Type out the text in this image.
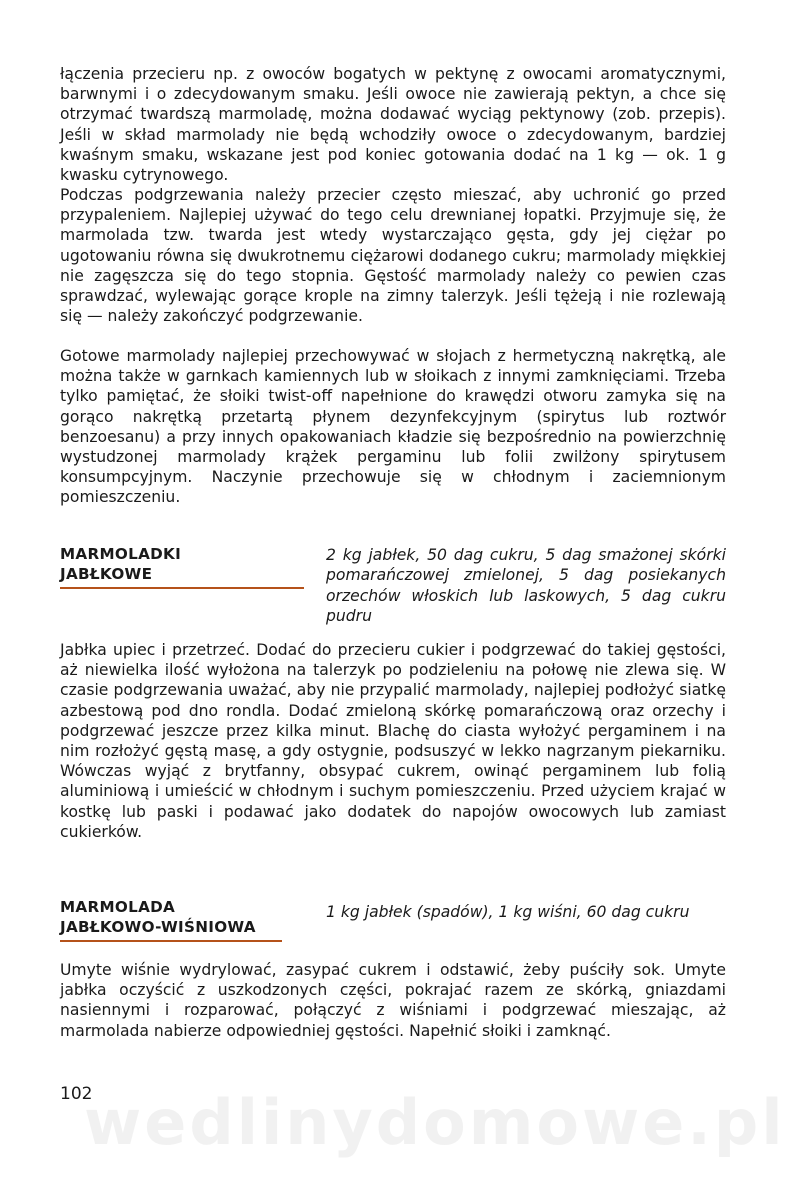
łączenia przecieru np. z owoców bogatych w pektynę z owocami aromatycznymi, barwnymi i o zdecydowanym smaku. Jeśli owoce nie zawierają pektyn, a chce się otrzymać twardszą marmoladę, można dodawać wyciąg pektynowy (zob. przepis). Jeśli w skład marmolady nie będą wchodziły owoce o zdecydowanym, bardziej kwaśnym smaku, wskazane jest pod koniec gotowania dodać na 1 kg — ok. 1 g kwasku cytrynowego.

Podczas podgrzewania należy przecier często mieszać, aby uchronić go przed przypaleniem. Najlepiej używać do tego celu drewnianej łopatki. Przyjmuje się, że marmolada tzw. twarda jest wtedy wystarczająco gęsta, gdy jej ciężar po ugotowaniu równa się dwukrotnemu ciężarowi dodanego cukru; marmolady miękkiej nie zagęszcza się do tego stopnia. Gęstość marmolady należy co pewien czas sprawdzać, wylewając gorące krople na zimny talerzyk. Jeśli tężeją i nie rozlewają się — należy zakończyć podgrzewanie.

Gotowe marmolady najlepiej przechowywać w słojach z hermetyczną nakrętką, ale można także w garnkach kamiennych lub w słoikach z innymi zamknięciami. Trzeba tylko pamiętać, że słoiki twist-off napełnione do krawędzi otworu zamyka się na gorąco nakrętką przetartą płynem dezynfekcyjnym (spirytus lub roztwór benzoesanu) a przy innych opakowaniach kładzie się bezpośrednio na powierzchnię wystudzonej marmolady krążek pergaminu lub folii zwilżony spirytusem konsumpcyjnym. Naczynie przechowuje się w chłodnym i zaciemnionym pomieszczeniu.

MARMOLADKI
JABŁKOWE

2 kg jabłek, 50 dag cukru, 5 dag smażonej skórki pomarańczowej zmielonej, 5 dag posiekanych orzechów włoskich lub laskowych, 5 dag cukru pudru

Jabłka upiec i przetrzeć. Dodać do przecieru cukier i podgrzewać do takiej gęstości, aż niewielka ilość wyłożona na talerzyk po podzieleniu na połowę nie zlewa się. W czasie podgrzewania uważać, aby nie przypalić marmolady, najlepiej podłożyć siatkę azbestową pod dno rondla. Dodać zmieloną skórkę pomarańczową oraz orzechy i podgrzewać jeszcze przez kilka minut. Blachę do ciasta wyłożyć pergaminem i na nim rozłożyć gęstą masę, a gdy ostygnie, podsuszyć w lekko nagrzanym piekarniku. Wówczas wyjąć z brytfanny, obsypać cukrem, owinąć pergaminem lub folią aluminiową i umieścić w chłodnym i suchym pomieszczeniu. Przed użyciem krajać w kostkę lub paski i podawać jako dodatek do napojów owocowych lub zamiast cukierków.

MARMOLADA
JABŁKOWO-WIŚNIOWA

1 kg jabłek (spadów), 1 kg wiśni, 60 dag cukru

Umyte wiśnie wydrylować, zasypać cukrem i odstawić, żeby puściły sok. Umyte jabłka oczyścić z uszkodzonych części, pokrajać razem ze skórką, gniazdami nasiennymi i rozparować, połączyć z wiśniami i podgrzewać mieszając, aż marmolada nabierze odpowiedniej gęstości. Napełnić słoiki i zamknąć.

102
wedlinydomowe.pl
